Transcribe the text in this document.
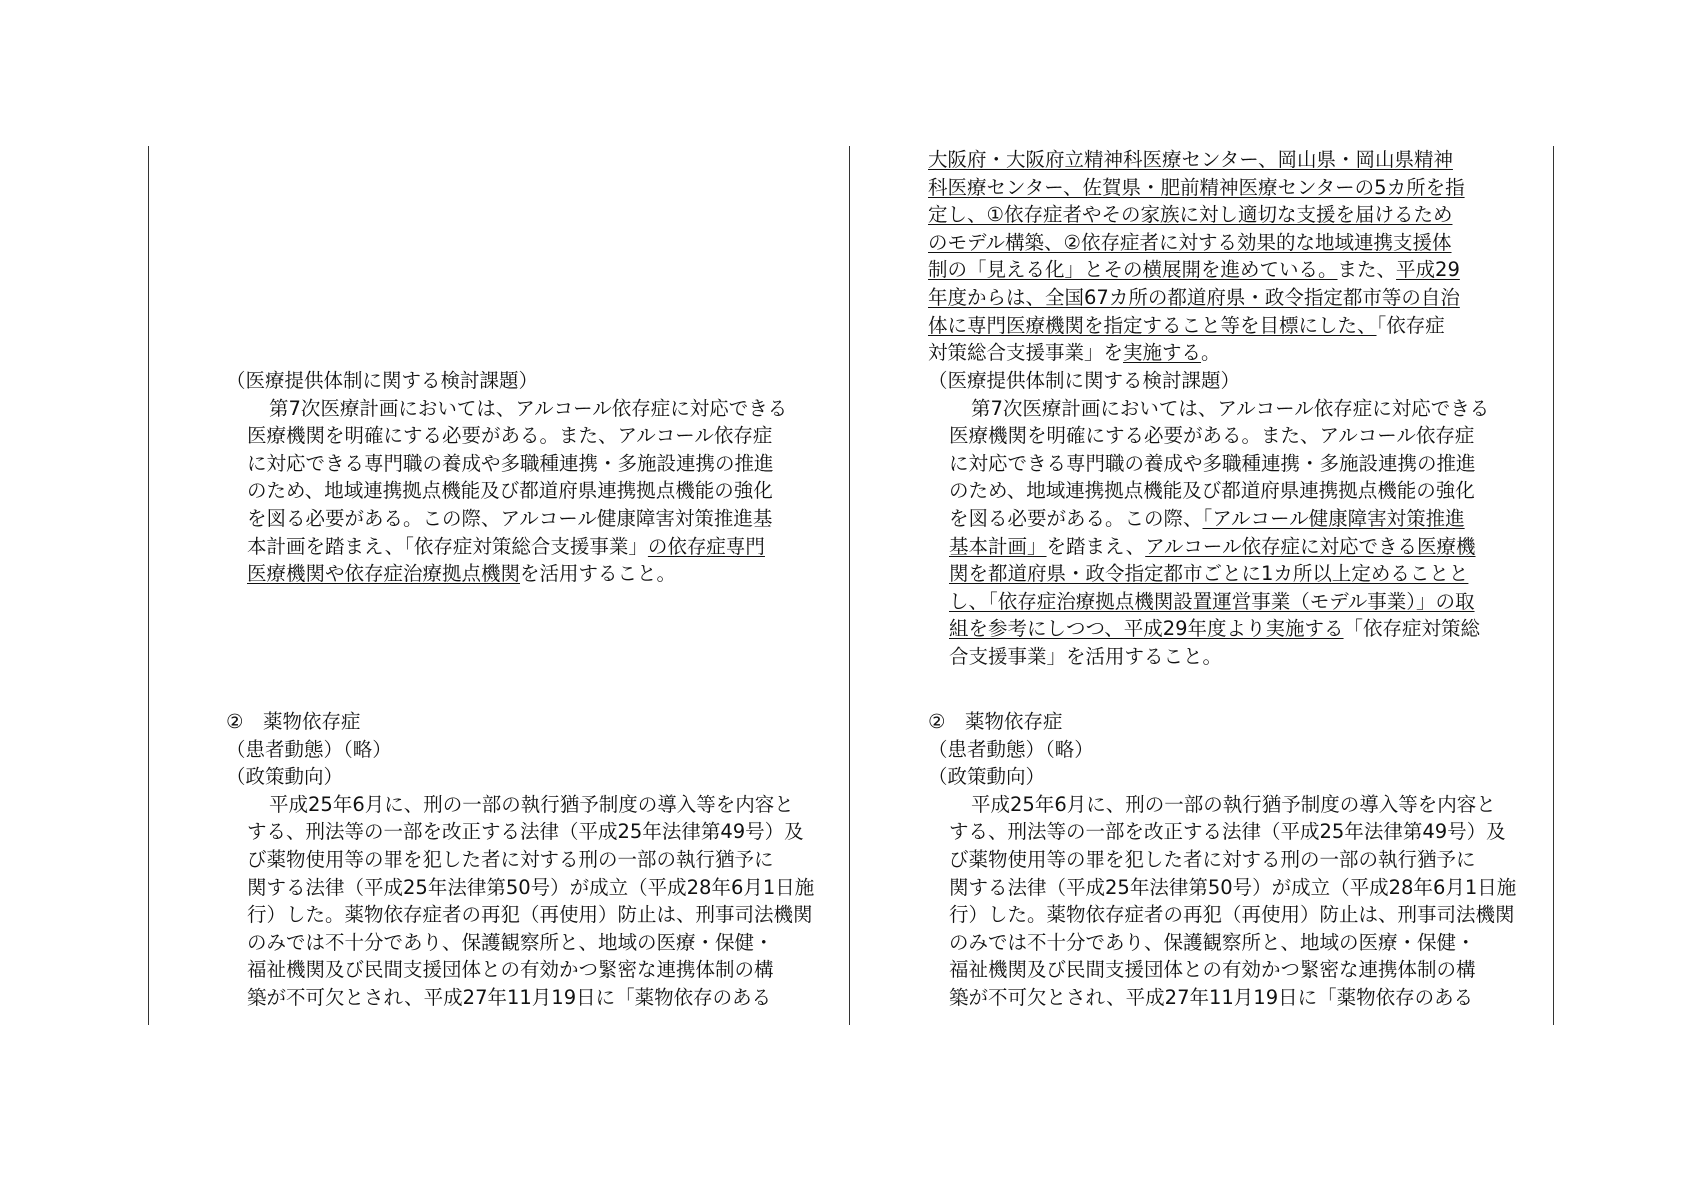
（医療提供体制に関する検討課題）
第7次医療計画においては、アルコール依存症に対応できる
医療機関を明確にする必要がある。また、アルコール依存症
に対応できる専門職の養成や多職種連携・多施設連携の推進
のため、地域連携拠点機能及び都道府県連携拠点機能の強化
を図る必要がある。この際、アルコール健康障害対策推進基
本計画を踏まえ、「依存症対策総合支援事業」の依存症専門
医療機関や依存症治療拠点機関を活用すること。
②　薬物依存症
（患者動態）（略）
（政策動向）
平成25年6月に、刑の一部の執行猶予制度の導入等を内容と
する、刑法等の一部を改正する法律（平成25年法律第49号）及
び薬物使用等の罪を犯した者に対する刑の一部の執行猶予に
関する法律（平成25年法律第50号）が成立（平成28年6月1日施
行）した。薬物依存症者の再犯（再使用）防止は、刑事司法機関
のみでは不十分であり、保護観察所と、地域の医療・保健・
福祉機関及び民間支援団体との有効かつ緊密な連携体制の構
築が不可欠とされ、平成27年11月19日に「薬物依存のある
大阪府・大阪府立精神科医療センター、岡山県・岡山県精神
科医療センター、佐賀県・肥前精神医療センターの5カ所を指
定し、①依存症者やその家族に対し適切な支援を届けるため
のモデル構築、②依存症者に対する効果的な地域連携支援体
制の「見える化」とその横展開を進めている。また、平成29
年度からは、全国67カ所の都道府県・政令指定都市等の自治
体に専門医療機関を指定すること等を目標にした、「依存症
対策総合支援事業」を実施する。
（医療提供体制に関する検討課題）
第7次医療計画においては、アルコール依存症に対応できる
医療機関を明確にする必要がある。また、アルコール依存症
に対応できる専門職の養成や多職種連携・多施設連携の推進
のため、地域連携拠点機能及び都道府県連携拠点機能の強化
を図る必要がある。この際、「アルコール健康障害対策推進
基本計画」を踏まえ、アルコール依存症に対応できる医療機
関を都道府県・政令指定都市ごとに1カ所以上定めることと
し、「依存症治療拠点機関設置運営事業（モデル事業）」の取
組を参考にしつつ、平成29年度より実施する「依存症対策総
合支援事業」を活用すること。
②　薬物依存症
（患者動態）（略）
（政策動向）
平成25年6月に、刑の一部の執行猶予制度の導入等を内容と
する、刑法等の一部を改正する法律（平成25年法律第49号）及
び薬物使用等の罪を犯した者に対する刑の一部の執行猶予に
関する法律（平成25年法律第50号）が成立（平成28年6月1日施
行）した。薬物依存症者の再犯（再使用）防止は、刑事司法機関
のみでは不十分であり、保護観察所と、地域の医療・保健・
福祉機関及び民間支援団体との有効かつ緊密な連携体制の構
築が不可欠とされ、平成27年11月19日に「薬物依存のある
